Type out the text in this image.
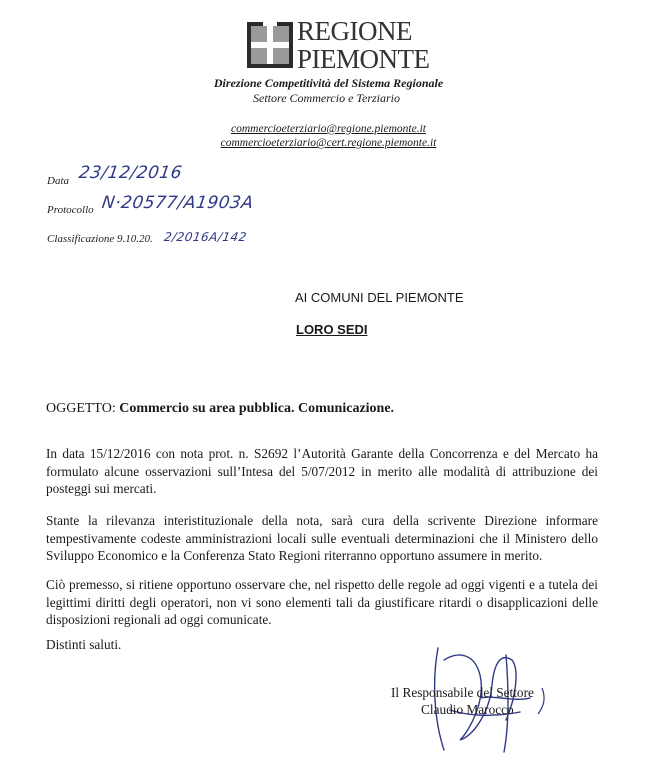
REGIONE
PIEMONTE
Direzione Competitività del Sistema Regionale
Settore Commercio e Terziario
commercioeterziario@regione.piemonte.it
commercioeterziario@cert.regione.piemonte.it
Data 23/12/2016
Protocollo N·20577/A1903A
Classificazione 9.10.20. 2/2016A/142
AI COMUNI DEL PIEMONTE
LORO SEDI
OGGETTO: Commercio su area pubblica. Comunicazione.
In data 15/12/2016 con nota prot. n. S2692 l’Autorità Garante della Concorrenza e del Mercato ha formulato alcune osservazioni sull’Intesa del 5/07/2012 in merito alle modalità di attribuzione dei posteggi sui mercati.
Stante la rilevanza interistituzionale della nota, sarà cura della scrivente Direzione informare tempestivamente codeste amministrazioni locali sulle eventuali determinazioni che il Ministero dello Sviluppo Economico e la Conferenza Stato Regioni riterranno opportuno assumere in merito.
Ciò premesso, si ritiene opportuno osservare che, nel rispetto delle regole ad oggi vigenti e a tutela dei legittimi diritti degli operatori, non vi sono elementi tali da giustificare ritardi o disapplicazioni delle disposizioni regionali ad oggi comunicate.
Distinti saluti.
Il Responsabile del Settore
Claudio Marocco
